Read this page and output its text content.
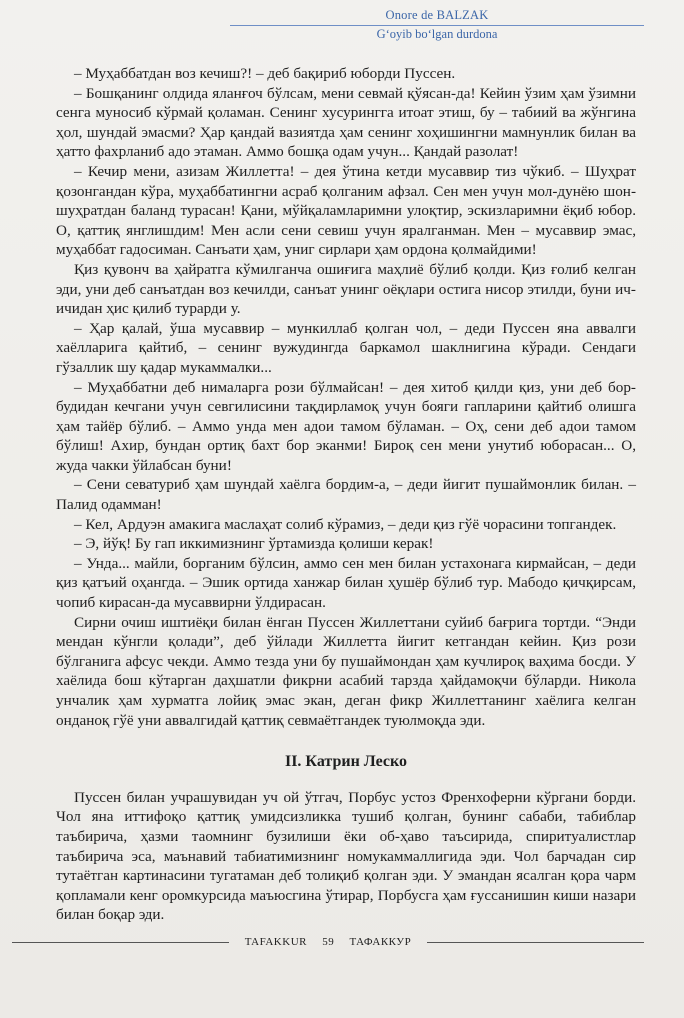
Onore de BALZAK
G‘oyib bo‘lgan durdona

– Муҳаббатдан воз кечиш?! – деб бақириб юборди Пуссен.

– Бошқанинг олдида яланғоч бўлсам, мени севмай қўясан-да! Кейин ўзим ҳам ўзимни сенга муносиб кўрмай қоламан. Сенинг хусурингга итоат этиш, бу – табиий ва жўнгина ҳол, шундай эмасми? Ҳар қандай вазиятда ҳам сенинг хоҳишингни мамнунлик билан ва ҳатто фахрланиб адо этаман. Аммо бошқа одам учун... Қандай разолат!

– Кечир мени, азизам Жиллетта! – дея ўтина кетди мусаввир тиз чўкиб. – Шуҳрат қозонгандан кўра, муҳаббатингни асраб қолганим афзал. Сен мен учун мол-дунёю шон-шуҳратдан баланд турасан! Қани, мўйқаламларимни улоқтир, эскизларимни ёқиб юбор. О, қаттиқ янглишдим! Мен асли сени севиш учун яралганман. Мен – мусаввир эмас, муҳаббат гадосиман. Санъати ҳам, униг сирлари ҳам ордона қолмайдими!

Қиз қувонч ва ҳайратга кўмилганча ошиғига маҳлиё бўлиб қолди. Қиз ғолиб келган эди, уни деб санъатдан воз кечилди, санъат унинг оёқлари остига нисор этилди, буни ич-ичидан ҳис қилиб турарди у.

– Ҳар қалай, ўша мусаввир – мункиллаб қолган чол, – деди Пуссен яна аввалги хаёлларига қайтиб, – сенинг вужудингда баркамол шаклнигина кўради. Сендаги гўзаллик шу қадар мукаммалки...

– Муҳаббатни деб нималарга рози бўлмайсан! – дея хитоб қилди қиз, уни деб бор-будидан кечгани учун севгилисини тақдирламоқ учун бояги гапларини қайтиб олишга ҳам тайёр бўлиб. – Аммо унда мен адои тамом бўламан. – Оҳ, сени деб адои тамом бўлиш! Ахир, бундан ортиқ бахт бор эканми! Бироқ сен мени унутиб юборасан... О, жуда чакки ўйлабсан буни!

– Сени севатуриб ҳам шундай хаёлга бордим-а, – деди йигит пушаймонлик билан. – Палид одамман!

– Кел, Ардуэн амакига маслаҳат солиб кўрамиз, – деди қиз гўё чорасини топгандек.

– Э, йўқ! Бу гап иккимизнинг ўртамизда қолиши керак!

– Унда... майли, борганим бўлсин, аммо сен мен билан устахонага кирмайсан, – деди қиз қатъий оҳангда. – Эшик ортида ханжар билан ҳушёр бўлиб тур. Мабодо қичқирсам, чопиб кирасан-да мусаввирни ўлдирасан.

Сирни очиш иштиёқи билан ёнган Пуссен Жиллеттани суйиб бағрига тортди. “Энди мендан кўнгли қолади”, деб ўйлади Жиллетта йигит кетгандан кейин. Қиз рози бўлганига афсус чекди. Аммо тезда уни бу пушаймондан ҳам кучлироқ ваҳима босди. У хаёлида бош кўтарган даҳшатли фикрни асабий тарзда ҳайдамоқчи бўларди. Никола унчалик ҳам хурматга лойиқ эмас экан, деган фикр Жиллеттанинг хаёлига келган онданоқ гўё уни аввалгидай қаттиқ севмаётгандек туюлмоқда эди.

II. Катрин Леско

Пуссен билан учрашувидан уч ой ўтгач, Порбус устоз Френхоферни кўргани борди. Чол яна иттифоқо қаттиқ умидсизликка тушиб қолган, бунинг сабаби, табиблар таъбирича, ҳазми таомнинг бузилиши ёки об-ҳаво таъсирида, спиритуалистлар таъбирича эса, маънавий табиатимизнинг номукаммаллигида эди. Чол барчадан сир тутаётган картинасини тугатаман деб толиқиб қолган эди. У эмандан ясалган қора чарм қопламали кенг оромкурсида маъюсгина ўтирар, Порбусга ҳам ғуссанишин киши назари билан боқар эди.

TAFAKKUR 59 ТАФАККУР
